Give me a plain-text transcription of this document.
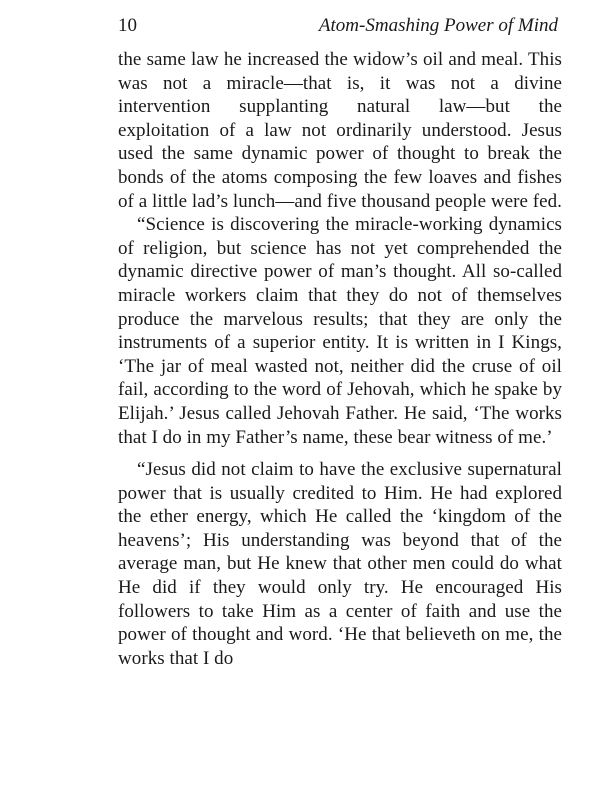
10	Atom-Smashing Power of Mind

the same law he increased the widow’s oil and meal. This was not a miracle—that is, it was not a divine intervention supplanting natural law—but the exploitation of a law not ordinarily understood. Jesus used the same dynamic power of thought to break the bonds of the atoms composing the few loaves and fishes of a little lad’s lunch—and five thousand people were fed.

“Science is discovering the miracle-working dynamics of religion, but science has not yet comprehended the dynamic directive power of man’s thought. All so-called miracle workers claim that they do not of themselves produce the marvelous results; that they are only the instruments of a superior entity. It is written in I Kings, ‘The jar of meal wasted not, neither did the cruse of oil fail, according to the word of Jehovah, which he spake by Elijah.’ Jesus called Jehovah Father. He said, ‘The works that I do in my Father’s name, these bear witness of me.’

“Jesus did not claim to have the exclusive supernatural power that is usually credited to Him. He had explored the ether energy, which He called the ‘kingdom of the heavens’; His understanding was beyond that of the average man, but He knew that other men could do what He did if they would only try. He encouraged His followers to take Him as a center of faith and use the power of thought and word. ‘He that believeth on me, the works that I do
